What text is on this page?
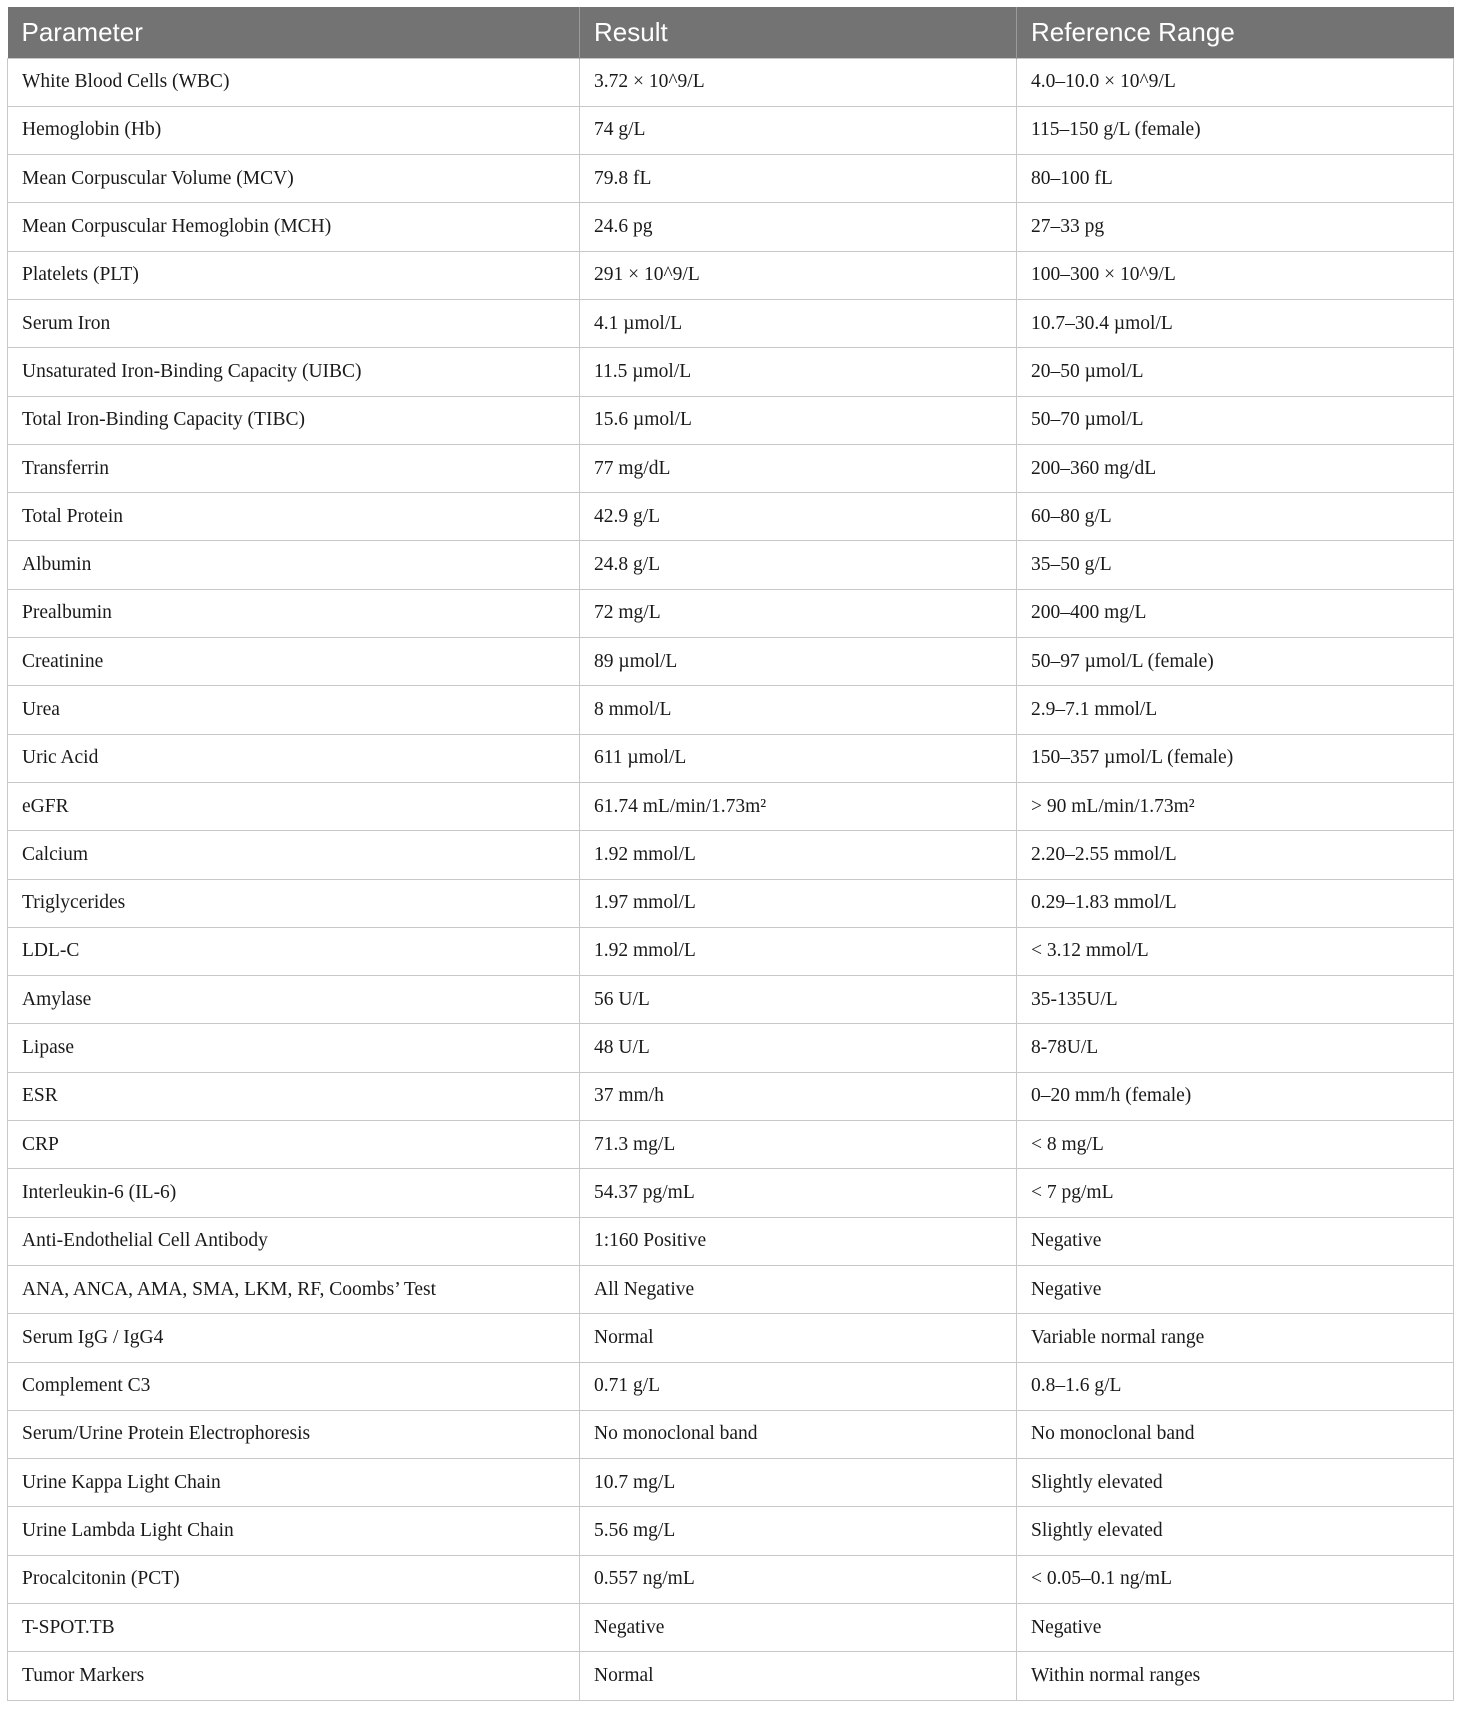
Parameter	Result	Reference Range
White Blood Cells (WBC)	3.72 × 10^9/L	4.0–10.0 × 10^9/L
Hemoglobin (Hb)	74 g/L	115–150 g/L (female)
Mean Corpuscular Volume (MCV)	79.8 fL	80–100 fL
Mean Corpuscular Hemoglobin (MCH)	24.6 pg	27–33 pg
Platelets (PLT)	291 × 10^9/L	100–300 × 10^9/L
Serum Iron	4.1 µmol/L	10.7–30.4 µmol/L
Unsaturated Iron-Binding Capacity (UIBC)	11.5 µmol/L	20–50 µmol/L
Total Iron-Binding Capacity (TIBC)	15.6 µmol/L	50–70 µmol/L
Transferrin	77 mg/dL	200–360 mg/dL
Total Protein	42.9 g/L	60–80 g/L
Albumin	24.8 g/L	35–50 g/L
Prealbumin	72 mg/L	200–400 mg/L
Creatinine	89 µmol/L	50–97 µmol/L (female)
Urea	8 mmol/L	2.9–7.1 mmol/L
Uric Acid	611 µmol/L	150–357 µmol/L (female)
eGFR	61.74 mL/min/1.73m²	> 90 mL/min/1.73m²
Calcium	1.92 mmol/L	2.20–2.55 mmol/L
Triglycerides	1.97 mmol/L	0.29–1.83 mmol/L
LDL-C	1.92 mmol/L	< 3.12 mmol/L
Amylase	56 U/L	35-135U/L
Lipase	48 U/L	8-78U/L
ESR	37 mm/h	0–20 mm/h (female)
CRP	71.3 mg/L	< 8 mg/L
Interleukin-6 (IL-6)	54.37 pg/mL	< 7 pg/mL
Anti-Endothelial Cell Antibody	1:160 Positive	Negative
ANA, ANCA, AMA, SMA, LKM, RF, Coombs’ Test	All Negative	Negative
Serum IgG / IgG4	Normal	Variable normal range
Complement C3	0.71 g/L	0.8–1.6 g/L
Serum/Urine Protein Electrophoresis	No monoclonal band	No monoclonal band
Urine Kappa Light Chain	10.7 mg/L	Slightly elevated
Urine Lambda Light Chain	5.56 mg/L	Slightly elevated
Procalcitonin (PCT)	0.557 ng/mL	< 0.05–0.1 ng/mL
T-SPOT.TB	Negative	Negative
Tumor Markers	Normal	Within normal ranges
